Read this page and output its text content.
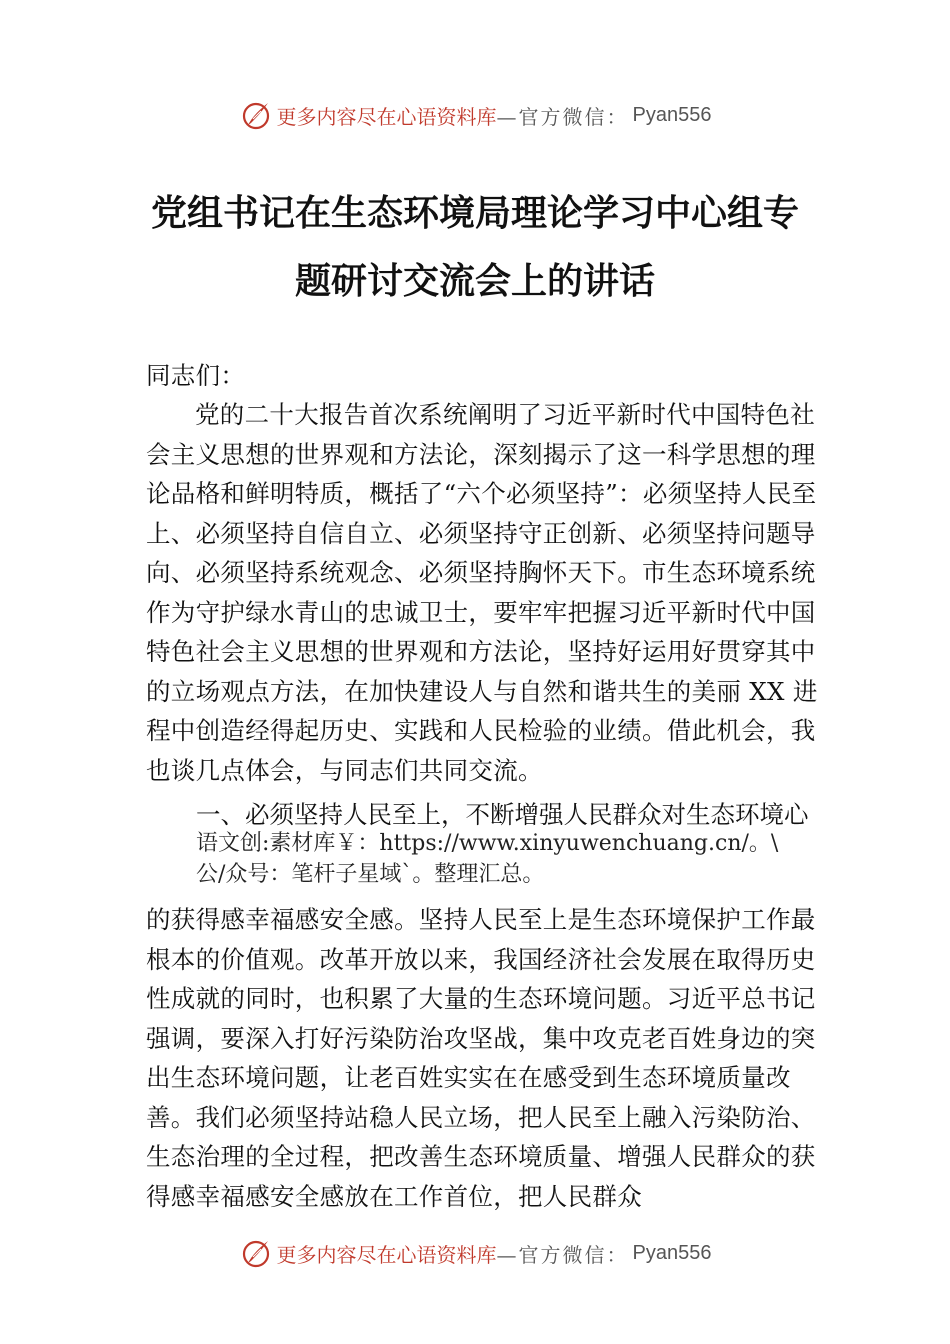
更多内容尽在心语资料库 —官方微信： Pyan556
党组书记在生态环境局理论学习中心组专
题研讨交流会上的讲话
同志们：
党的二十大报告首次系统阐明了习近平新时代中国特色社会主义思想的世界观和方法论，深刻揭示了这一科学思想的理论品格和鲜明特质，概括了“六个必须坚持”：必须坚持人民至上、必须坚持自信自立、必须坚持守正创新、必须坚持问题导向、必须坚持系统观念、必须坚持胸怀天下。市生态环境系统作为守护绿水青山的忠诚卫士，要牢牢把握习近平新时代中国特色社会主义思想的世界观和方法论，坚持好运用好贯穿其中的立场观点方法，在加快建设人与自然和谐共生的美丽 XX 进程中创造经得起历史、实践和人民检验的业绩。借此机会，我也谈几点体会，与同志们共同交流。
一、必须坚持人民至上，不断增强人民群众对生态环境心
语文创:素材库￥：https://www.xinyuwenchuang.cn/。\
公/众号：笔杆子星域`。整理汇总。
的获得感幸福感安全感。坚持人民至上是生态环境保护工作最根本的价值观。改革开放以来，我国经济社会发展在取得历史性成就的同时，也积累了大量的生态环境问题。习近平总书记强调，要深入打好污染防治攻坚战，集中攻克老百姓身边的突出生态环境问题，让老百姓实实在在感受到生态环境质量改善。我们必须坚持站稳人民立场，把人民至上融入污染防治、生态治理的全过程，把改善生态环境质量、增强人民群众的获得感幸福感安全感放在工作首位，把人民群众
更多内容尽在心语资料库 —官方微信： Pyan556
